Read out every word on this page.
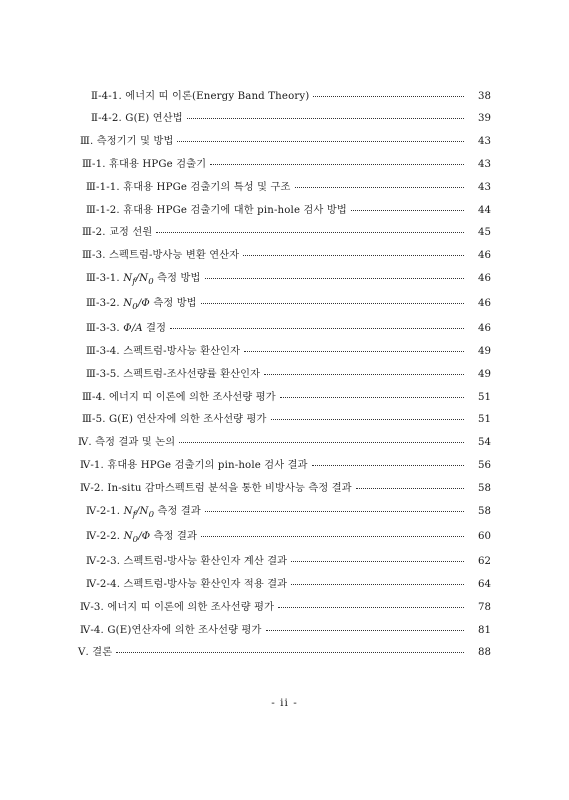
Ⅱ-4-1. 에너지 띠 이론(Energy Band Theory)	38
Ⅱ-4-2. G(E) 연산법	39
Ⅲ. 측정기기 및 방법	43
Ⅲ-1. 휴대용 HPGe 검출기	43
Ⅲ-1-1. 휴대용 HPGe 검출기의 특성 및 구조	43
Ⅲ-1-2. 휴대용 HPGe 검출기에 대한 pin-hole 검사 방법	44
Ⅲ-2. 교정 선원	45
Ⅲ-3. 스펙트럼-방사능 변환 연산자	46
Ⅲ-3-1. $N_f/N_0$ 측정 방법	46
Ⅲ-3-2. $N_0/\Phi$ 측정 방법	46
Ⅲ-3-3. Φ/A 결정	46
Ⅲ-3-4. 스펙트럼-방사능 환산인자	49
Ⅲ-3-5. 스펙트럼-조사선량률 환산인자	49
Ⅲ-4. 에너지 띠 이론에 의한 조사선량 평가	51
Ⅲ-5. G(E) 연산자에 의한 조사선량 평가	51
Ⅳ. 측정 결과 및 논의	54
Ⅳ-1. 휴대용 HPGe 검출기의 pin-hole 검사 결과	56
Ⅳ-2. In-situ 감마스펙트럼 분석을 통한 비방사능 측정 결과	58
Ⅳ-2-1. $N_f/N_0$ 측정 결과	58
Ⅳ-2-2. $N_0/\Phi$ 측정 결과	60
Ⅳ-2-3. 스펙트럼-방사능 환산인자 계산 결과	62
Ⅳ-2-4. 스펙트럼-방사능 환산인자 적용 결과	64
Ⅳ-3. 에너지 띠 이론에 의한 조사선량 평가	78
Ⅳ-4. G(E)연산자에 의한 조사선량 평가	81
Ⅴ. 결론	88
- ii -
